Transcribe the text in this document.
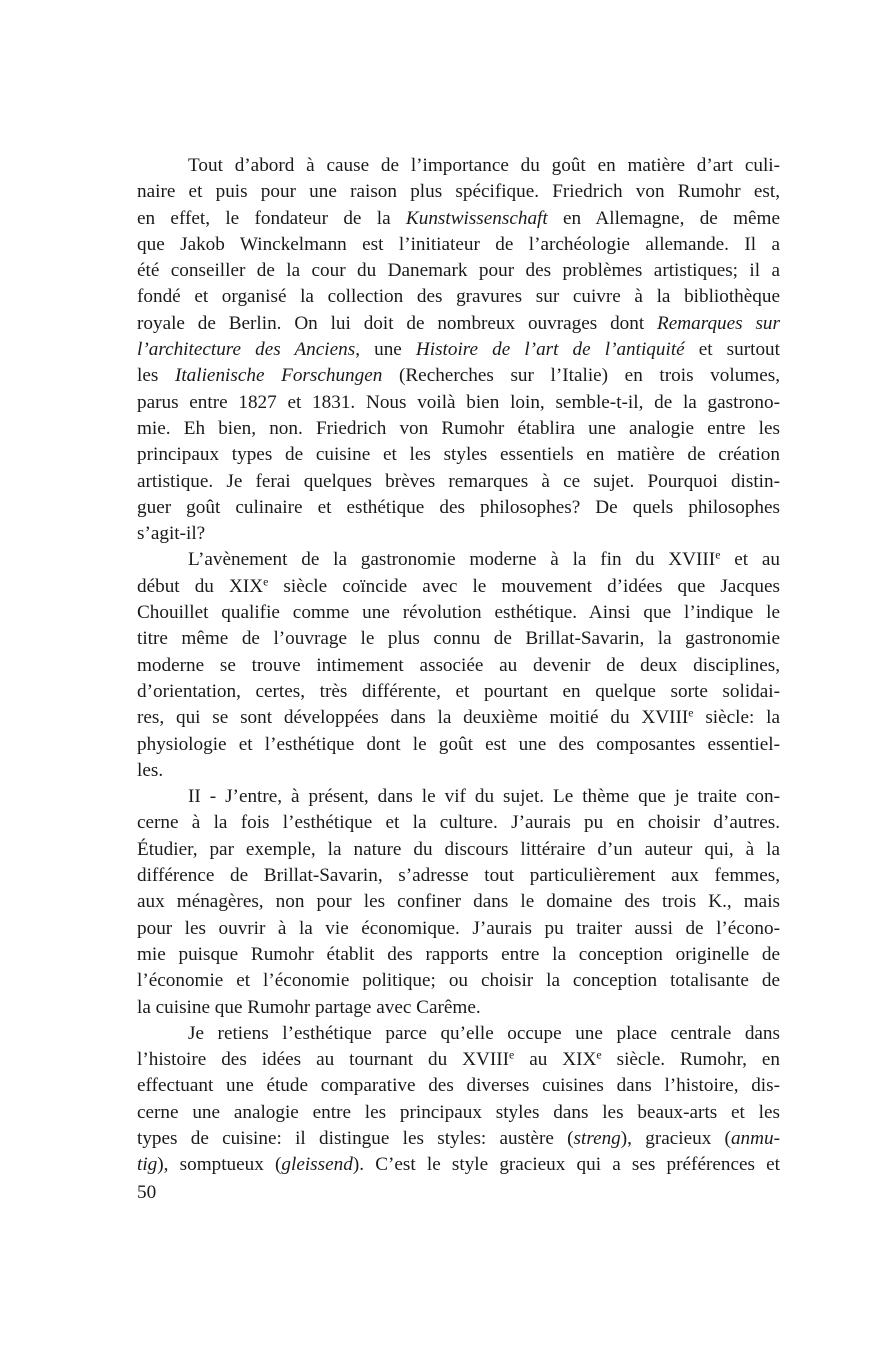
Tout d’abord à cause de l’importance du goût en matière d’art culi-
naire et puis pour une raison plus spécifique. Friedrich von Rumohr est,
en effet, le fondateur de la Kunstwissenschaft en Allemagne, de même
que Jakob Winckelmann est l’initiateur de l’archéologie allemande. Il a
été conseiller de la cour du Danemark pour des problèmes artistiques; il a
fondé et organisé la collection des gravures sur cuivre à la bibliothèque
royale de Berlin. On lui doit de nombreux ouvrages dont Remarques sur
l’architecture des Anciens, une Histoire de l’art de l’antiquité et surtout
les Italienische Forschungen (Recherches sur l’Italie) en trois volumes,
parus entre 1827 et 1831. Nous voilà bien loin, semble-t-il, de la gastrono-
mie. Eh bien, non. Friedrich von Rumohr établira une analogie entre les
principaux types de cuisine et les styles essentiels en matière de création
artistique. Je ferai quelques brèves remarques à ce sujet. Pourquoi distin-
guer goût culinaire et esthétique des philosophes? De quels philosophes
s’agit-il?
L’avènement de la gastronomie moderne à la fin du XVIIIe et au
début du XIXe siècle coïncide avec le mouvement d’idées que Jacques
Chouillet qualifie comme une révolution esthétique. Ainsi que l’indique le
titre même de l’ouvrage le plus connu de Brillat-Savarin, la gastronomie
moderne se trouve intimement associée au devenir de deux disciplines,
d’orientation, certes, très différente, et pourtant en quelque sorte solidai-
res, qui se sont développées dans la deuxième moitié du XVIIIe siècle: la
physiologie et l’esthétique dont le goût est une des composantes essentiel-
les.
II - J’entre, à présent, dans le vif du sujet. Le thème que je traite con-
cerne à la fois l’esthétique et la culture. J’aurais pu en choisir d’autres.
Étudier, par exemple, la nature du discours littéraire d’un auteur qui, à la
différence de Brillat-Savarin, s’adresse tout particulièrement aux femmes,
aux ménagères, non pour les confiner dans le domaine des trois K., mais
pour les ouvrir à la vie économique. J’aurais pu traiter aussi de l’écono-
mie puisque Rumohr établit des rapports entre la conception originelle de
l’économie et l’économie politique; ou choisir la conception totalisante de
la cuisine que Rumohr partage avec Carême.
Je retiens l’esthétique parce qu’elle occupe une place centrale dans
l’histoire des idées au tournant du XVIIIe au XIXe siècle. Rumohr, en
effectuant une étude comparative des diverses cuisines dans l’histoire, dis-
cerne une analogie entre les principaux styles dans les beaux-arts et les
types de cuisine: il distingue les styles: austère (streng), gracieux (anmu-
tig), somptueux (gleissend). C’est le style gracieux qui a ses préférences et
50
